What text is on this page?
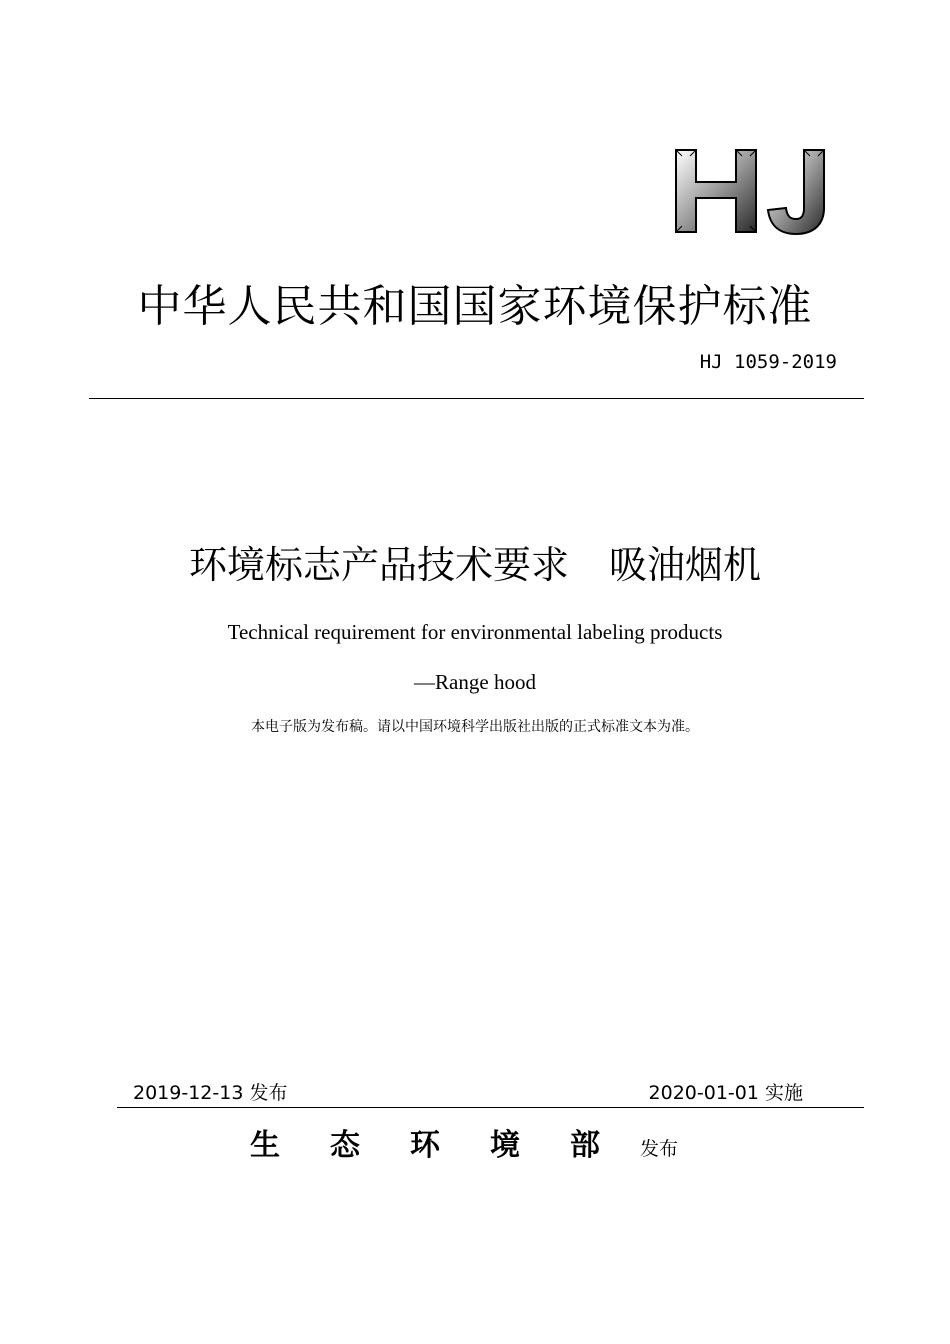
中华人民共和国国家环境保护标准
HJ 1059-2019
环境标志产品技术要求 吸油烟机
Technical requirement for environmental labeling products
—Range hood
本电子版为发布稿。请以中国环境科学出版社出版的正式标准文本为准。
2019-12-13 发布	2020-01-01 实施
生态环境部
发布
